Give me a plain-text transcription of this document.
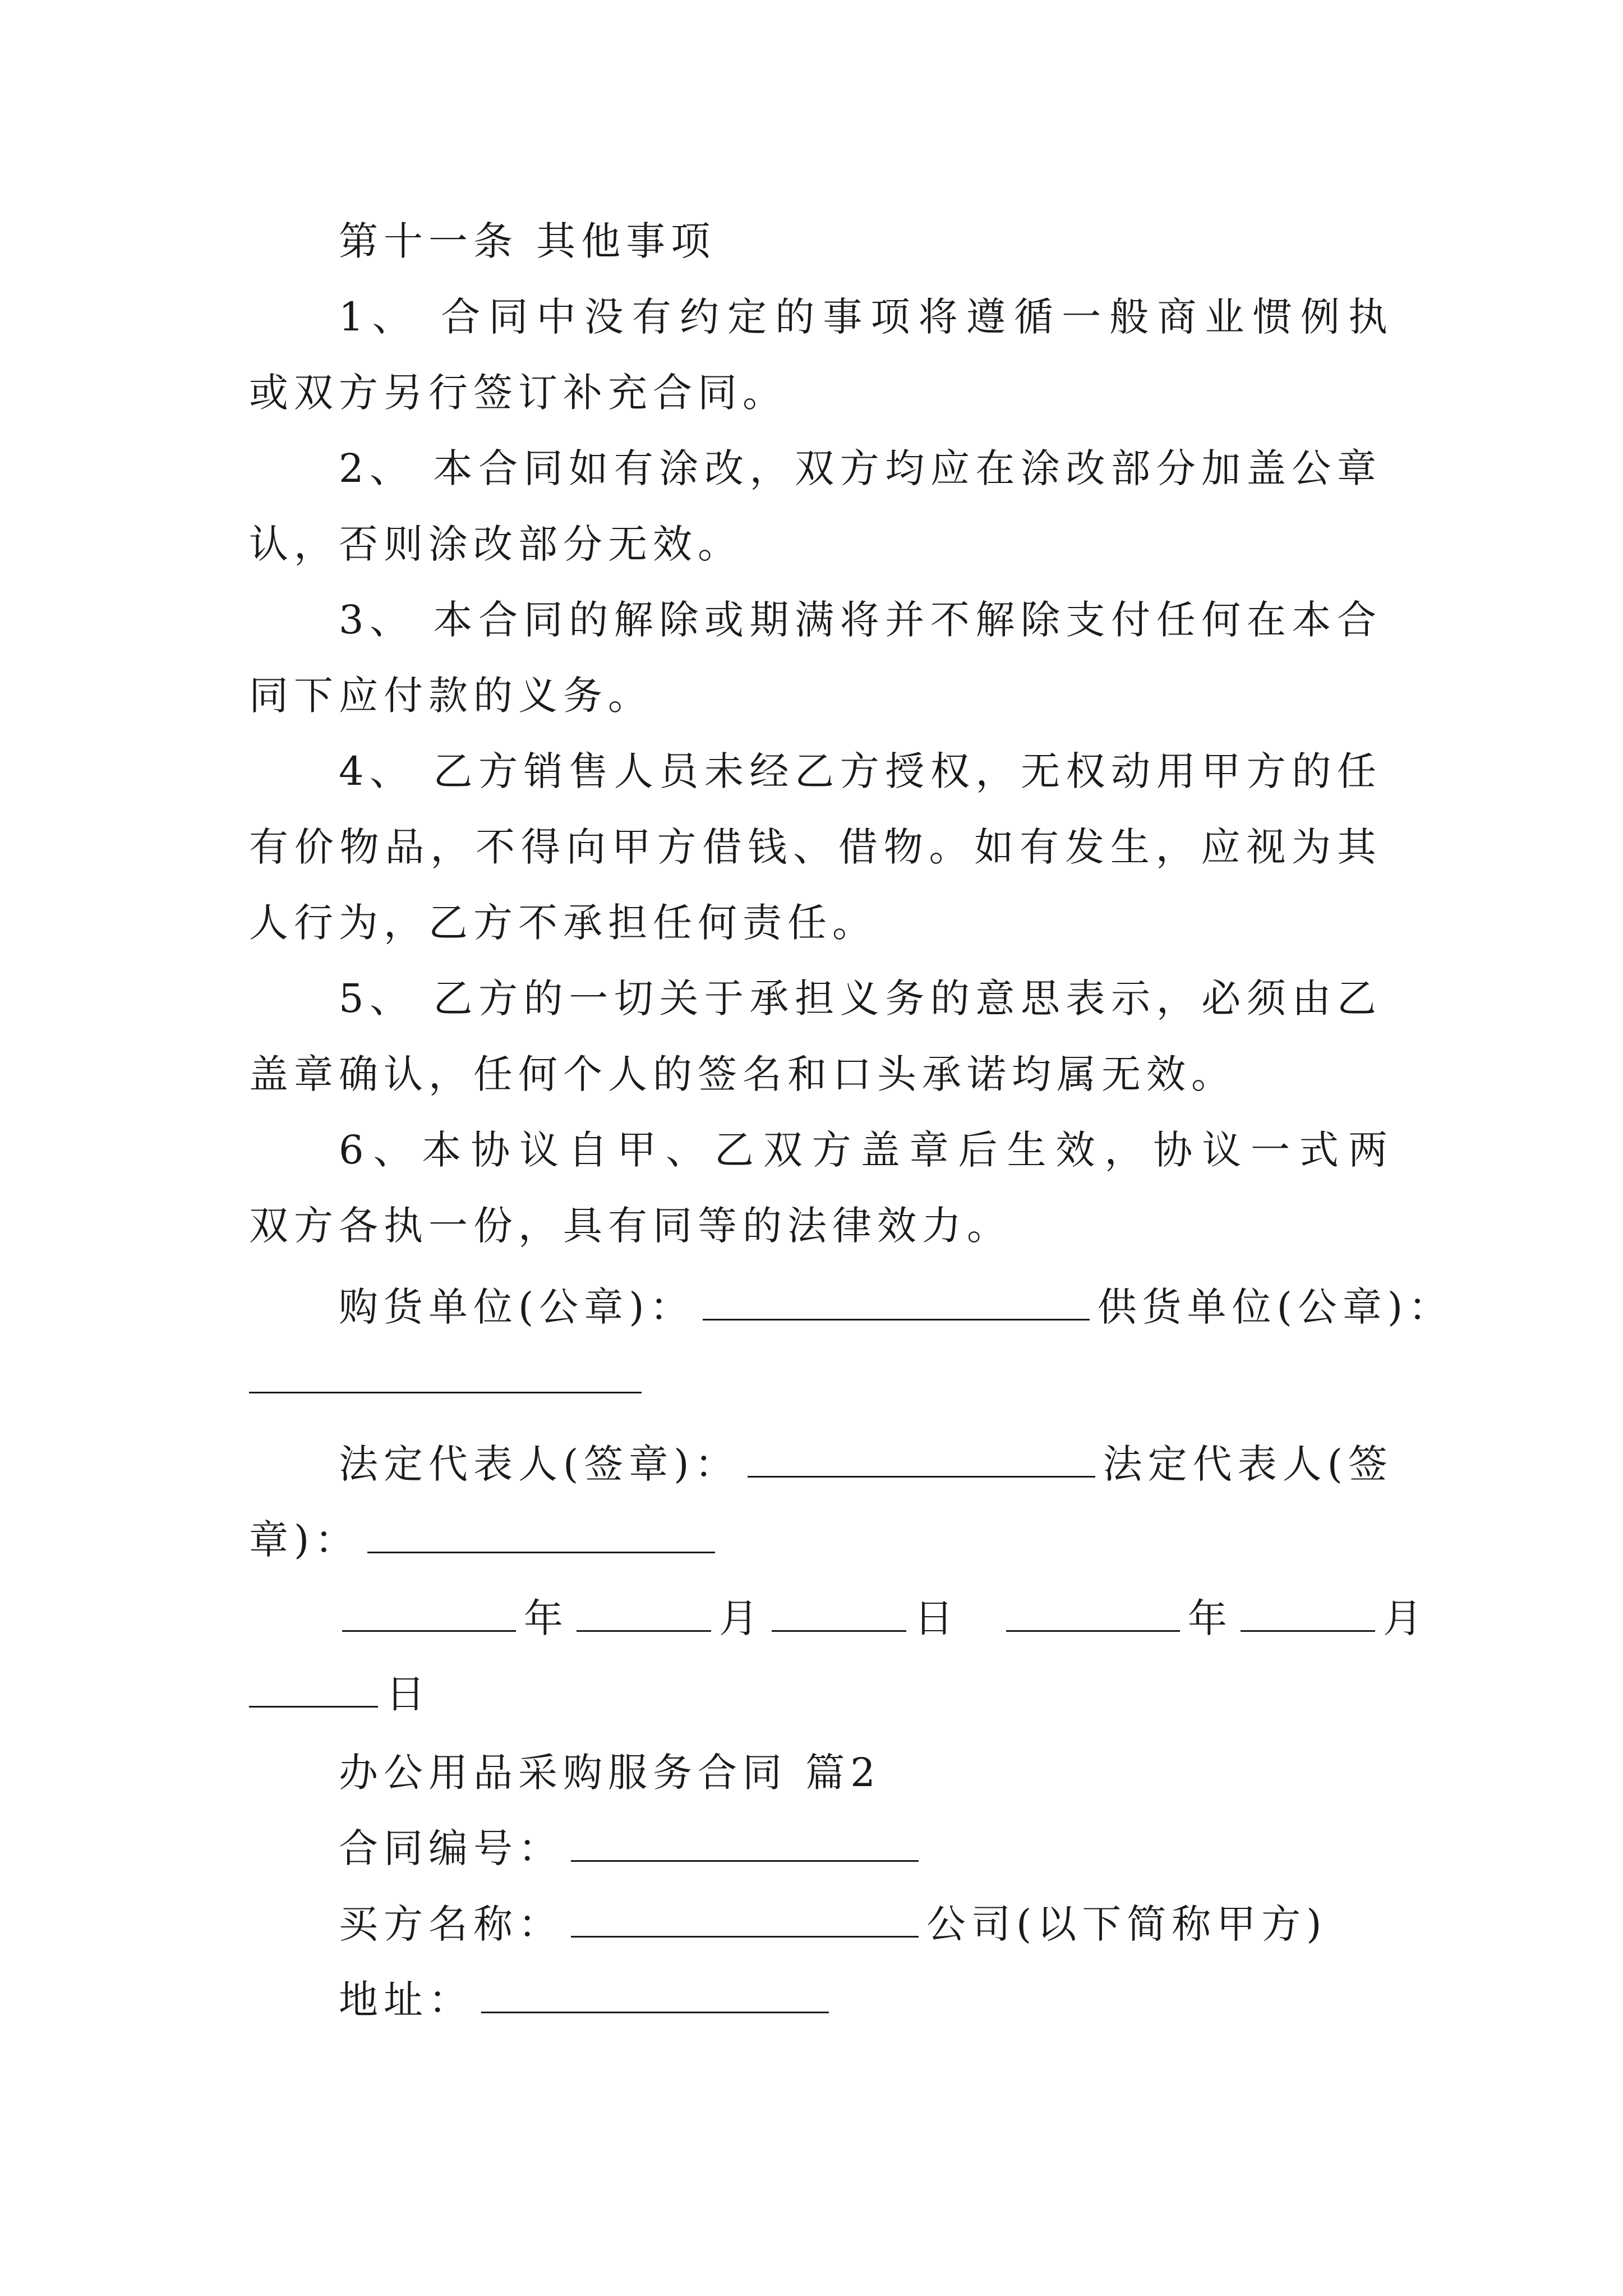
第十一条 其他事项
1、 合同中没有约定的事项将遵循一般商业惯例执
或双方另行签订补充合同。
2、 本合同如有涂改，双方均应在涂改部分加盖公章
认，否则涂改部分无效。
3、 本合同的解除或期满将并不解除支付任何在本合
同下应付款的义务。
4、 乙方销售人员未经乙方授权，无权动用甲方的任
有价物品，不得向甲方借钱、借物。如有发生，应视为其
人行为，乙方不承担任何责任。
5、 乙方的一切关于承担义务的意思表示，必须由乙
盖章确认，任何个人的签名和口头承诺均属无效。
6、本协议自甲、乙双方盖章后生效，协议一式两
双方各执一份，具有同等的法律效力。
购货单位(公章)：	供货单位(公章)：
法定代表人(签章)：	法定代表人(签
章)：
年	月	日	年	月
日
办公用品采购服务合同 篇2
合同编号：
买方名称：	公司(以下简称甲方)
地址：
